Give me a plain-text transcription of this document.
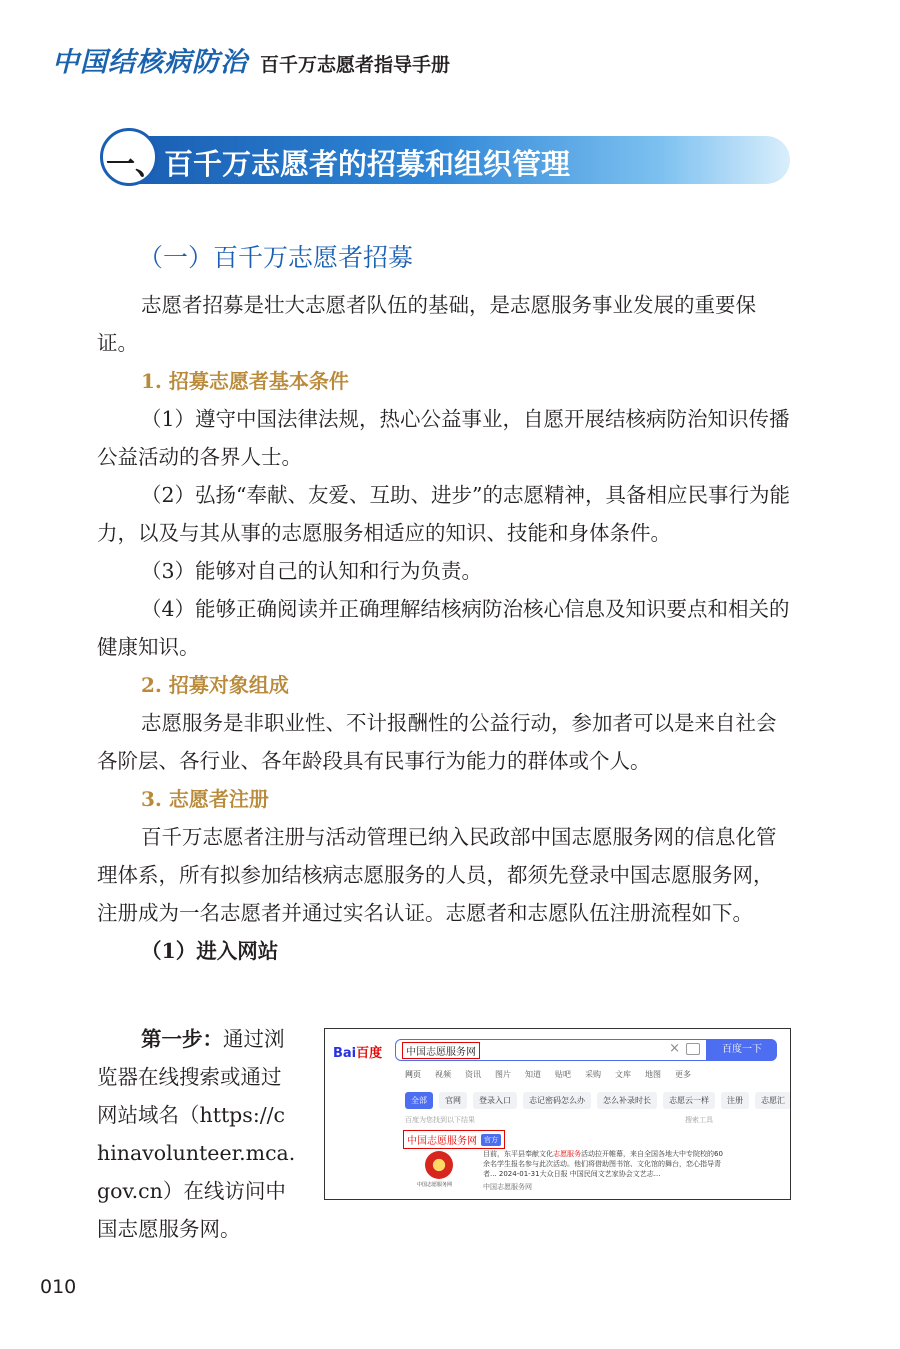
中国结核病防治 百千万志愿者指导手册
一、百千万志愿者的招募和组织管理
（一）百千万志愿者招募

志愿者招募是壮大志愿者队伍的基础，是志愿服务事业发展的重要保证。

1. 招募志愿者基本条件

（1）遵守中国法律法规，热心公益事业，自愿开展结核病防治知识传播公益活动的各界人士。

（2）弘扬“奉献、友爱、互助、进步”的志愿精神，具备相应民事行为能力，以及与其从事的志愿服务相适应的知识、技能和身体条件。

（3）能够对自己的认知和行为负责。

（4）能够正确阅读并正确理解结核病防治核心信息及知识要点和相关的健康知识。

2. 招募对象组成

志愿服务是非职业性、不计报酬性的公益行动，参加者可以是来自社会各阶层、各行业、各年龄段具有民事行为能力的群体或个人。

3. 志愿者注册

百千万志愿者注册与活动管理已纳入民政部中国志愿服务网的信息化管理体系，所有拟参加结核病志愿服务的人员，都须先登录中国志愿服务网，注册成为一名志愿者并通过实名认证。志愿者和志愿队伍注册流程如下。

（1）进入网站

第一步：通过浏览器在线搜索或通过网站域名（https://chinavolunteer.mca.gov.cn）在线访问中国志愿服务网。

Bai百度	中国志愿服务网	×	百度一下
网页 视频 资讯 图片 知道 贴吧 采购 文库 地图 更多
全部	官网	登录入口	志记密码怎么办	怎么补录时长	志愿云一样	注册	志愿汇
百度为您找到以下结果	搜索工具
中国志愿服务网	官方
中国志愿服务网
目前，东平县奉献文化志愿服务活动拉开帷幕，来自全国各地大中专院校的60余名学生报名参与此次活动。他们将借助图书馆、文化馆的舞台，恋心指导青者... 2024-01-31大众日报 中国民间文艺家协会文艺志...
中国志愿服务网
010
